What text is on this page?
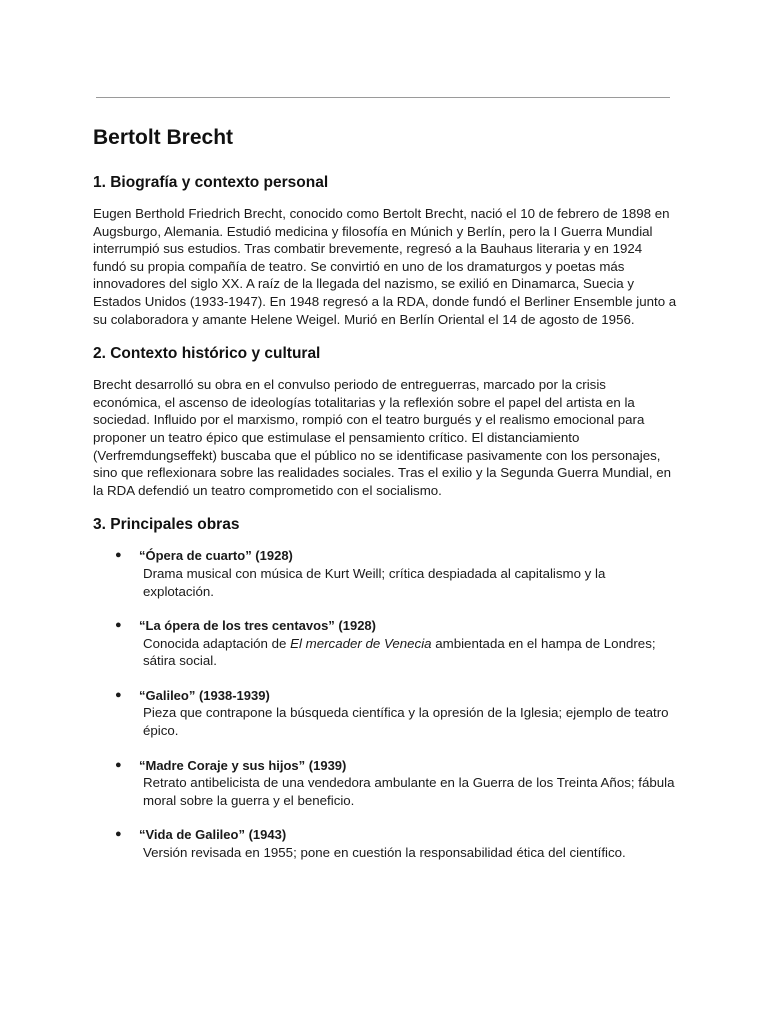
Bertolt Brecht
1. Biografía y contexto personal

Eugen Berthold Friedrich Brecht, conocido como Bertolt Brecht, nació el 10 de febrero de 1898 en Augsburgo, Alemania. Estudió medicina y filosofía en Múnich y Berlín, pero la I Guerra Mundial interrumpió sus estudios. Tras combatir brevemente, regresó a la Bauhaus literaria y en 1924 fundó su propia compañía de teatro. Se convirtió en uno de los dramaturgos y poetas más innovadores del siglo XX. A raíz de la llegada del nazismo, se exilió en Dinamarca, Suecia y Estados Unidos (1933-1947). En 1948 regresó a la RDA, donde fundó el Berliner Ensemble junto a su colaboradora y amante Helene Weigel. Murió en Berlín Oriental el 14 de agosto de 1956.

2. Contexto histórico y cultural

Brecht desarrolló su obra en el convulso periodo de entreguerras, marcado por la crisis económica, el ascenso de ideologías totalitarias y la reflexión sobre el papel del artista en la sociedad. Influido por el marxismo, rompió con el teatro burgués y el realismo emocional para proponer un teatro épico que estimulase el pensamiento crítico. El distanciamiento (Verfremdungseffekt) buscaba que el público no se identificase pasivamente con los personajes, sino que reflexionara sobre las realidades sociales. Tras el exilio y la Segunda Guerra Mundial, en la RDA defendió un teatro comprometido con el socialismo.

3. Principales obras
● “Ópera de cuarto” (1928)
Drama musical con música de Kurt Weill; crítica despiadada al capitalismo y la explotación.
● “La ópera de los tres centavos” (1928)
Conocida adaptación de El mercader de Venecia ambientada en el hampa de Londres; sátira social.
● “Galileo” (1938-1939)
Pieza que contrapone la búsqueda científica y la opresión de la Iglesia; ejemplo de teatro épico.
● “Madre Coraje y sus hijos” (1939)
Retrato antibelicista de una vendedora ambulante en la Guerra de los Treinta Años; fábula moral sobre la guerra y el beneficio.
● “Vida de Galileo” (1943)
Versión revisada en 1955; pone en cuestión la responsabilidad ética del científico.
